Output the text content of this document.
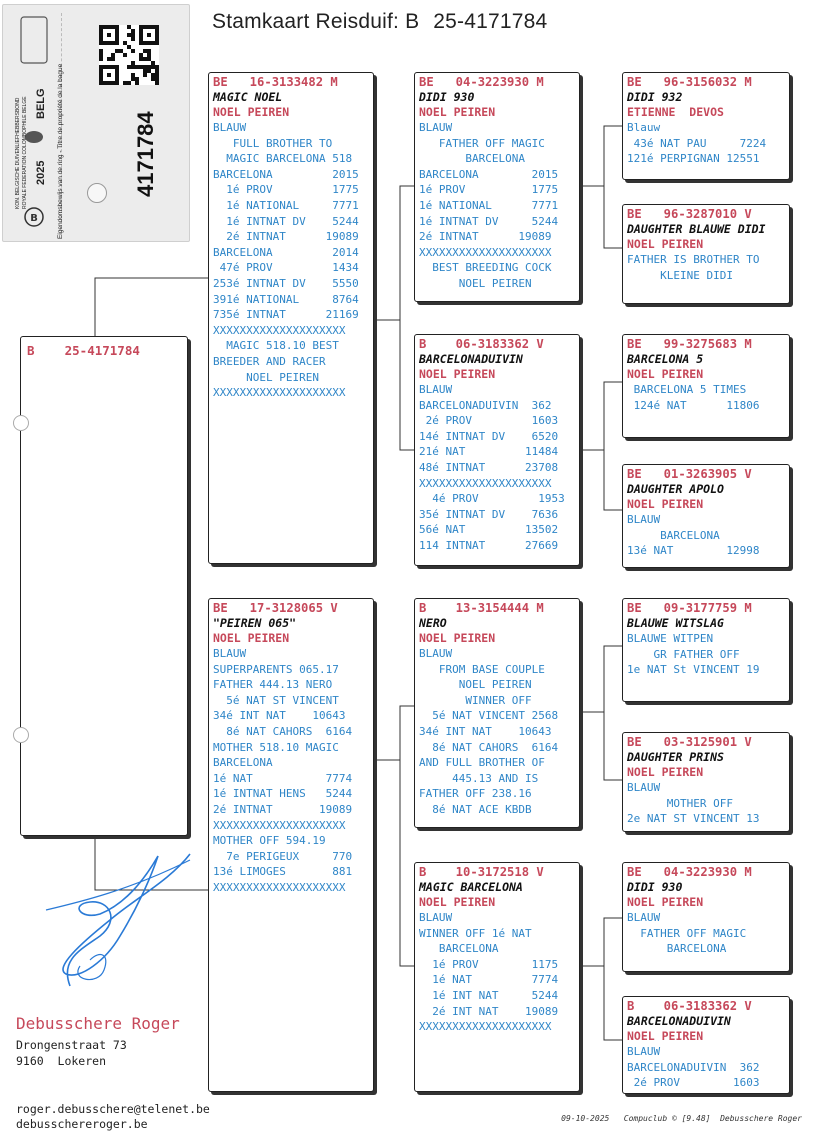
Stamkaart Reisduif: B 25-4171784
B
KON. BELGISCHE DUIVENLIEFHEBBERSBOND ROYALE FEDERATION COLOMBOPHILE BELGE 2025
BELG Eigendomsbewijs van de ring - Titre de propriété de la bague	4171784
B    25-4171784
BE   16-3133482 M
MAGIC NOEL
NOEL PEIREN
BLAUW
FULL BROTHER TO
MAGIC BARCELONA 518
BARCELONA         2015
1é PROV         1775
1é NATIONAL     7771
1é INTNAT DV    5244
2é INTNAT      19089
BARCELONA         2014
47é PROV         1434
253é INTNAT DV    5550
391é NATIONAL     8764
735é INTNAT      21169
XXXXXXXXXXXXXXXXXXXX
MAGIC 518.10 BEST
BREEDER AND RACER
NOEL PEIREN
XXXXXXXXXXXXXXXXXXXX
BE   17-3128065 V
"PEIREN 065"
NOEL PEIREN
BLAUW
SUPERPARENTS 065.17
FATHER 444.13 NERO
5é NAT ST VINCENT
34é INT NAT    10643
8é NAT CAHORS  6164
MOTHER 518.10 MAGIC
BARCELONA
1é NAT           7774
1é INTNAT HENS   5244
2é INTNAT       19089
XXXXXXXXXXXXXXXXXXXX
MOTHER OFF 594.19
7e PERIGEUX     770
13é LIMOGES       881
XXXXXXXXXXXXXXXXXXXX
BE   04-3223930 M
DIDI 930
NOEL PEIREN
BLAUW
FATHER OFF MAGIC
BARCELONA
BARCELONA        2015
1é PROV          1775
1é NATIONAL      7771
1é INTNAT DV     5244
2é INTNAT      19089
XXXXXXXXXXXXXXXXXXXX
BEST BREEDING COCK
NOEL PEIREN
B    06-3183362 V
BARCELONADUIVIN
NOEL PEIREN
BLAUW
BARCELONADUIVIN  362
2é PROV         1603
14é INTNAT DV    6520
21é NAT         11484
48é INTNAT      23708
XXXXXXXXXXXXXXXXXXXX
4é PROV         1953
35é INTNAT DV    7636
56é NAT         13502
114 INTNAT      27669
B    13-3154444 M
NERO
NOEL PEIREN
BLAUW
FROM BASE COUPLE
NOEL PEIREN
WINNER OFF
5é NAT VINCENT 2568
34é INT NAT    10643
8é NAT CAHORS  6164
AND FULL BROTHER OF
445.13 AND IS
FATHER OFF 238.16
8é NAT ACE KBDB
B    10-3172518 V
MAGIC BARCELONA
NOEL PEIREN
BLAUW
WINNER OFF 1é NAT
BARCELONA
1é PROV        1175
1é NAT         7774
1é INT NAT     5244
2é INT NAT    19089
XXXXXXXXXXXXXXXXXXXX
BE   96-3156032 M
DIDI 932
ETIENNE  DEVOS
Blauw
43é NAT PAU     7224
121é PERPIGNAN 12551
BE   96-3287010 V
DAUGHTER BLAUWE DIDI
NOEL PEIREN
FATHER IS BROTHER TO
KLEINE DIDI
BE   99-3275683 M
BARCELONA 5
NOEL PEIREN
BARCELONA 5 TIMES
124é NAT      11806
BE   01-3263905 V
DAUGHTER APOLO
NOEL PEIREN
BLAUW
BARCELONA
13é NAT        12998
BE   09-3177759 M
BLAUWE WITSLAG
BLAUWE WITPEN
GR FATHER OFF
1e NAT St VINCENT 19
BE   03-3125901 V
DAUGHTER PRINS
NOEL PEIREN
BLAUW
MOTHER OFF
2e NAT ST VINCENT 13
BE   04-3223930 M
DIDI 930
NOEL PEIREN
BLAUW
FATHER OFF MAGIC
BARCELONA
B    06-3183362 V
BARCELONADUIVIN
NOEL PEIREN
BLAUW
BARCELONADUIVIN  362
2é PROV        1603
Debusschere Roger
Drongenstraat 73
9160  Lokeren
roger.debusschere@telenet.be
debusschereroger.be	09-10-2025 Compuclub © [9.48]  Debusschere Roger
